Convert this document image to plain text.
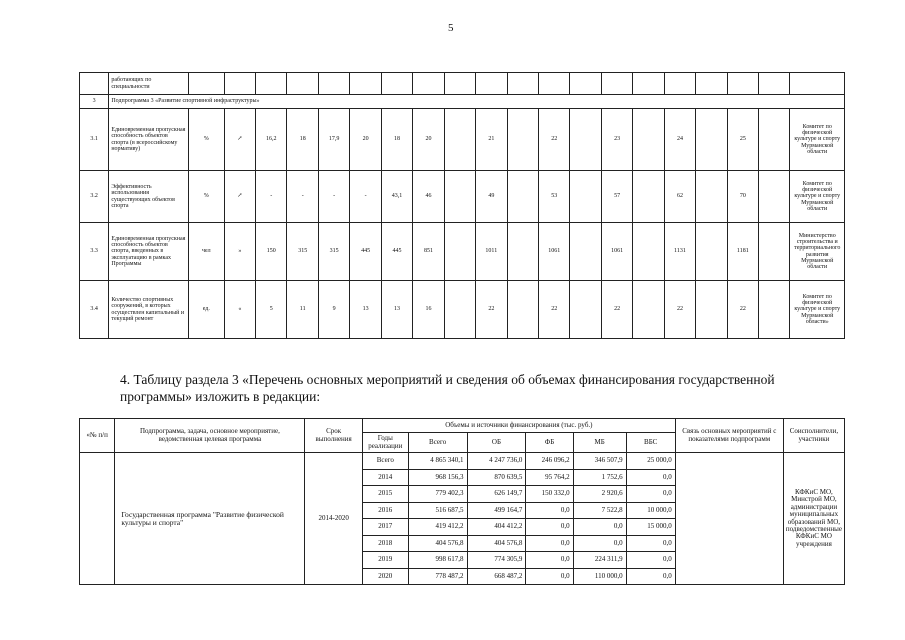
5
	работающих по специальности																				
3	Подпрограмма 3 «Развитие спортивной инфраструктуры»																				
3.1	Единовременная пропускная способность объектов спорта (в всероссийскому нормативу)	%	↗	16,2	18	17,9	20	18	20		21		22		23		24		25		Комитет по физической культуре и спорту Мурманской области
3.2	Эффективность использования существующих объектов спорта	%	↗	-	-	-	-	43,1	46		49		53		57		62		70		Комитет по физической культуре и спорту Мурманской области
3.3	Единовременная пропускная способность объектов спорта, введенных в эксплуатацию в рамках Программы	чел	»	150	315	315	445	445	851		1011		1061		1061		1131		1181		Министерство строительства и территориального развития Мурманской области
3.4	Количество спортивных сооружений, в которых осуществлен капитальный и текущий ремонт	ед.	«	5	11	9	13	13	16		22		22		22		22		22		Комитет по физической культуре и спорту Мурманской области»
4. Таблицу раздела 3 «Перечень основных мероприятий и сведения об объемах финансирования государственной программы» изложить в редакции:
«№ п/п	Подпрограмма, задача, основное мероприятие, ведомственная целевая программа	Срок выполнения	Объемы и источники финансирования (тыс. руб.)						Связь основных мероприятий с показателями подпрограмм	Соисполнители, участники
			Годы реализации	Всего	ОБ	ФБ	МБ	ВБС		
	Государственная программа "Развитие физической культуры и спорта"	2014-2020	Всего	4 865 340,1	4 247 736,0	246 096,2	346 507,9	25 000,0		КФКиС МО, Минстрой МО, администрации муниципальных образований МО, подведомственные КФКиС МО учреждения
			2014	968 156,3	870 639,5	95 764,2	1 752,6	0,0		
			2015	779 402,3	626 149,7	150 332,0	2 920,6	0,0		
			2016	516 687,5	499 164,7	0,0	7 522,8	10 000,0		
			2017	419 412,2	404 412,2	0,0	0,0	15 000,0		
			2018	404 576,8	404 576,8	0,0	0,0	0,0		
			2019	998 617,8	774 305,9	0,0	224 311,9	0,0		
			2020	778 487,2	668 487,2	0,0	110 000,0	0,0		
